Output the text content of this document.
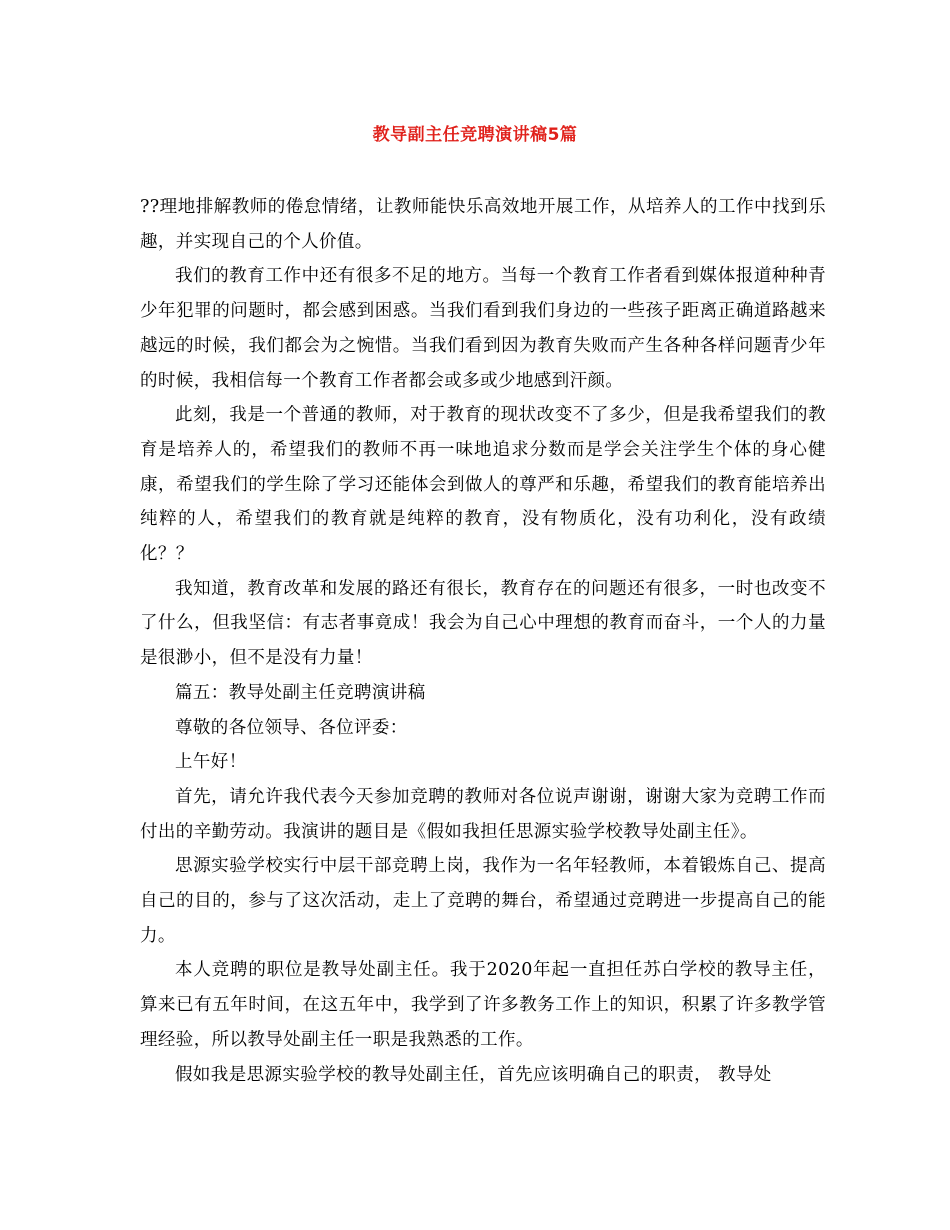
教导副主任竞聘演讲稿5篇

??理地排解教师的倦怠情绪，让教师能快乐高效地开展工作，从培养人的工作中找到乐趣，并实现自己的个人价值。

我们的教育工作中还有很多不足的地方。当每一个教育工作者看到媒体报道种种青少年犯罪的问题时，都会感到困惑。当我们看到我们身边的一些孩子距离正确道路越来越远的时候，我们都会为之惋惜。当我们看到因为教育失败而产生各种各样问题青少年的时候，我相信每一个教育工作者都会或多或少地感到汗颜。

此刻，我是一个普通的教师，对于教育的现状改变不了多少，但是我希望我们的教育是培养人的，希望我们的教师不再一味地追求分数而是学会关注学生个体的身心健康，希望我们的学生除了学习还能体会到做人的尊严和乐趣，希望我们的教育能培养出纯粹的人，希望我们的教育就是纯粹的教育，没有物质化，没有功利化，没有政绩化？？

我知道，教育改革和发展的路还有很长，教育存在的问题还有很多，一时也改变不了什么，但我坚信：有志者事竟成！我会为自己心中理想的教育而奋斗，一个人的力量是很渺小，但不是没有力量！

篇五：教导处副主任竞聘演讲稿

尊敬的各位领导、各位评委：

上午好！

首先，请允许我代表今天参加竞聘的教师对各位说声谢谢，谢谢大家为竞聘工作而付出的辛勤劳动。我演讲的题目是《假如我担任思源实验学校教导处副主任》。

思源实验学校实行中层干部竞聘上岗，我作为一名年轻教师，本着锻炼自己、提高自己的目的，参与了这次活动，走上了竞聘的舞台，希望通过竞聘进一步提高自己的能力。

本人竞聘的职位是教导处副主任。我于2020年起一直担任苏白学校的教导主任，算来已有五年时间，在这五年中，我学到了许多教务工作上的知识，积累了许多教学管理经验，所以教导处副主任一职是我熟悉的工作。

假如我是思源实验学校的教导处副主任，首先应该明确自己的职责， 教导处
